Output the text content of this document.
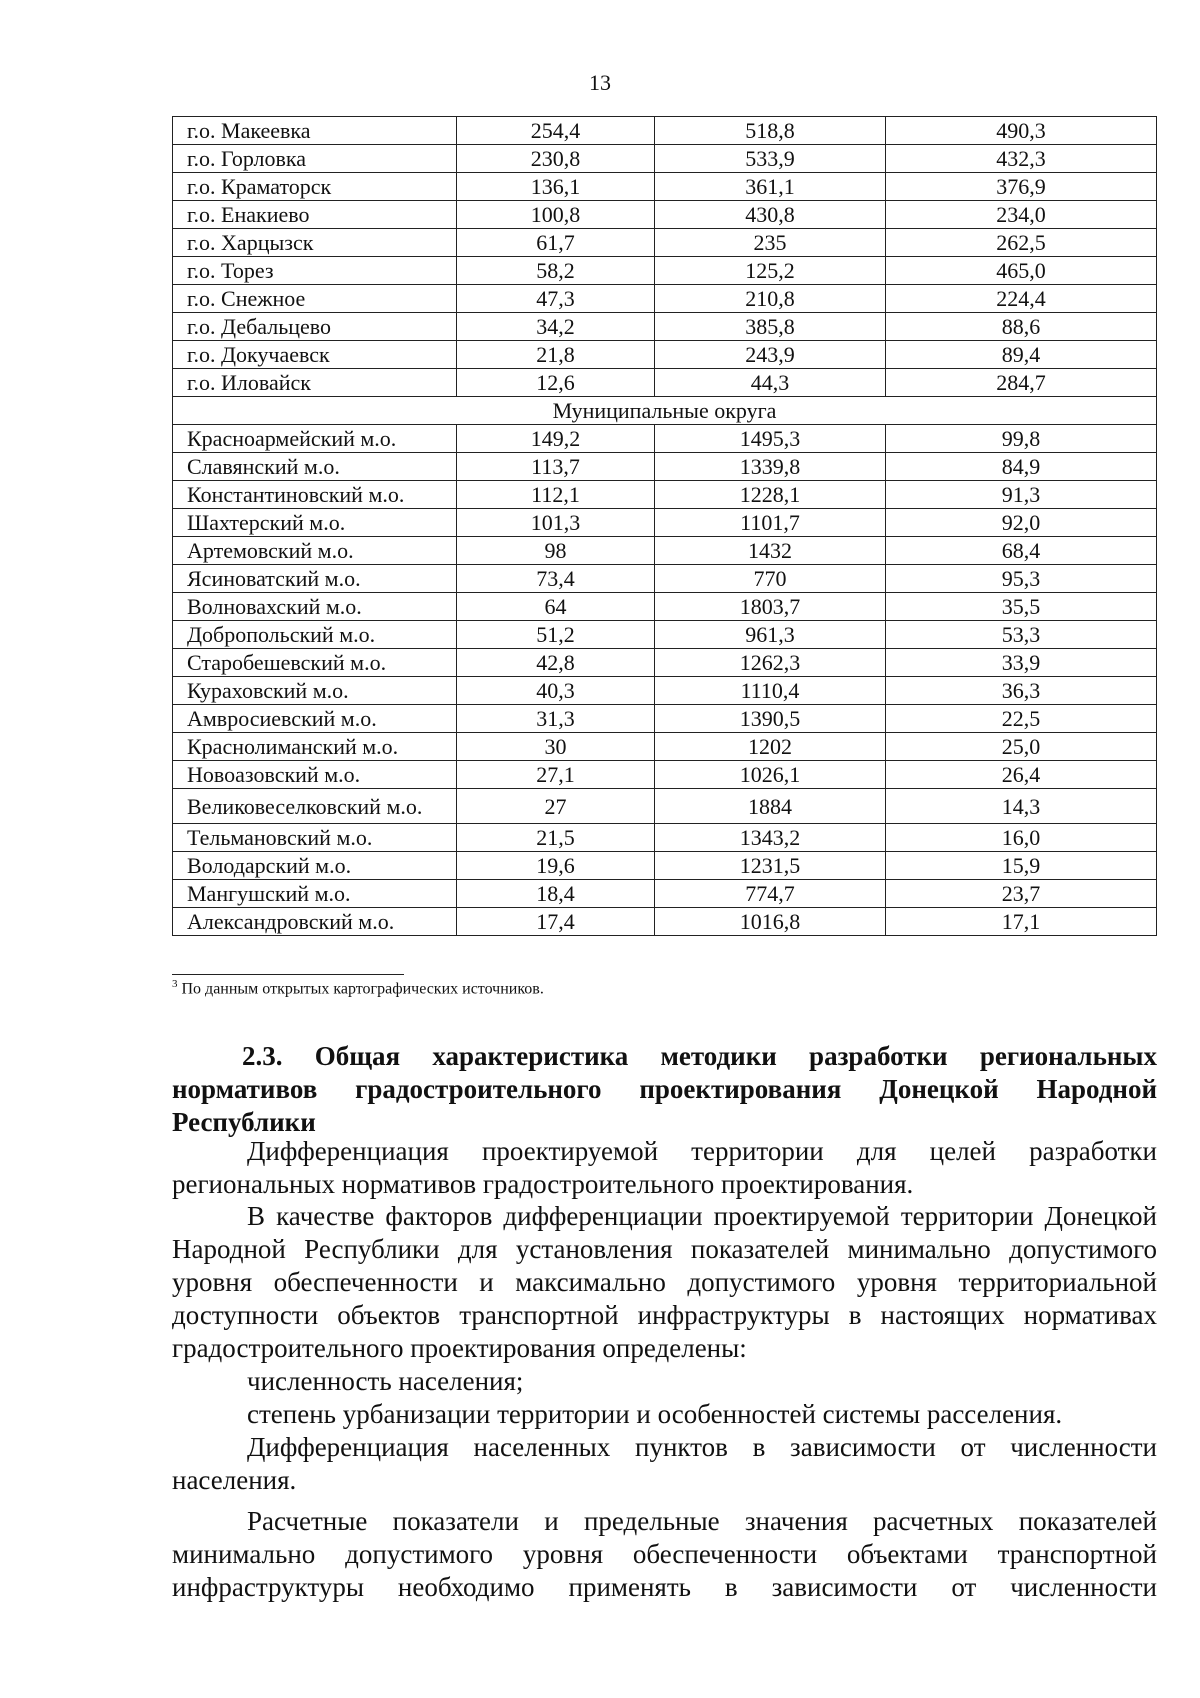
13
г.о. Макеевка	254,4	518,8	490,3
г.о. Горловка	230,8	533,9	432,3
г.о. Краматорск	136,1	361,1	376,9
г.о. Енакиево	100,8	430,8	234,0
г.о. Харцызск	61,7	235	262,5
г.о. Торез	58,2	125,2	465,0
г.о. Снежное	47,3	210,8	224,4
г.о. Дебальцево	34,2	385,8	88,6
г.о. Докучаевск	21,8	243,9	89,4
г.о. Иловайск	12,6	44,3	284,7
Муниципальные округа			
Красноармейский м.о.	149,2	1495,3	99,8
Славянский м.о.	113,7	1339,8	84,9
Константиновский м.о.	112,1	1228,1	91,3
Шахтерский м.о.	101,3	1101,7	92,0
Артемовский м.о.	98	1432	68,4
Ясиноватский м.о.	73,4	770	95,3
Волновахский м.о.	64	1803,7	35,5
Добропольский м.о.	51,2	961,3	53,3
Старобешевский м.о.	42,8	1262,3	33,9
Кураховский м.о.	40,3	1110,4	36,3
Амвросиевский м.о.	31,3	1390,5	22,5
Краснолиманский м.о.	30	1202	25,0
Новоазовский м.о.	27,1	1026,1	26,4
Великовеселковский м.о.	27	1884	14,3
Тельмановский м.о.	21,5	1343,2	16,0
Володарский м.о.	19,6	1231,5	15,9
Мангушский м.о.	18,4	774,7	23,7
Александровский м.о.	17,4	1016,8	17,1
$^3$ По данным открытых картографических источников.
2.3. Общая характеристика методики разработки региональных нормативов градостроительного проектирования Донецкой Народной Республики

Дифференциация проектируемой территории для целей разработки региональных нормативов градостроительного проектирования.

В качестве факторов дифференциации проектируемой территории Донецкой Народной Республики для установления показателей минимально допустимого уровня обеспеченности и максимально допустимого уровня территориальной доступности объектов транспортной инфраструктуры в настоящих нормативах градостроительного проектирования определены:

численность населения;

степень урбанизации территории и особенностей системы расселения.

Дифференциация населенных пунктов в зависимости от численности населения.

Расчетные показатели и предельные значения расчетных показателей минимально допустимого уровня обеспеченности объектами транспортной инфраструктуры необходимо применять в зависимости от численности
